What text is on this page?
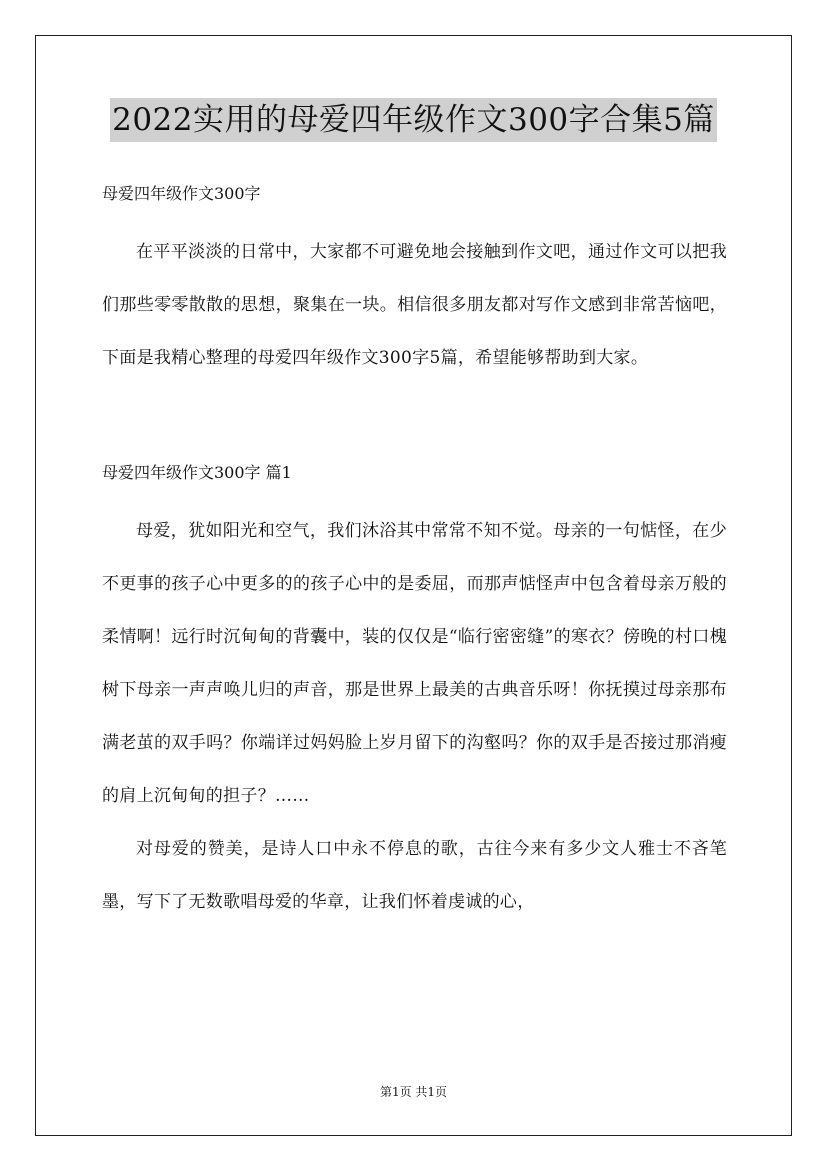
2022实用的母爱四年级作文300字合集5篇

母爱四年级作文300字

在平平淡淡的日常中，大家都不可避免地会接触到作文吧，通过作文可以把我们那些零零散散的思想，聚集在一块。相信很多朋友都对写作文感到非常苦恼吧，下面是我精心整理的母爱四年级作文300字5篇，希望能够帮助到大家。

母爱四年级作文300字 篇1

母爱，犹如阳光和空气，我们沐浴其中常常不知不觉。母亲的一句惦怪，在少不更事的孩子心中更多的的孩子心中的是委屈，而那声惦怪声中包含着母亲万般的柔情啊！远行时沉甸甸的背囊中，装的仅仅是“临行密密缝”的寒衣？傍晚的村口槐树下母亲一声声唤儿归的声音，那是世界上最美的古典音乐呀！你抚摸过母亲那布满老茧的双手吗？你端详过妈妈脸上岁月留下的沟壑吗？你的双手是否接过那消瘦的肩上沉甸甸的担子？……

对母爱的赞美，是诗人口中永不停息的歌，古往今来有多少文人雅士不吝笔墨，写下了无数歌唱母爱的华章，让我们怀着虔诚的心，

第1页 共1页
